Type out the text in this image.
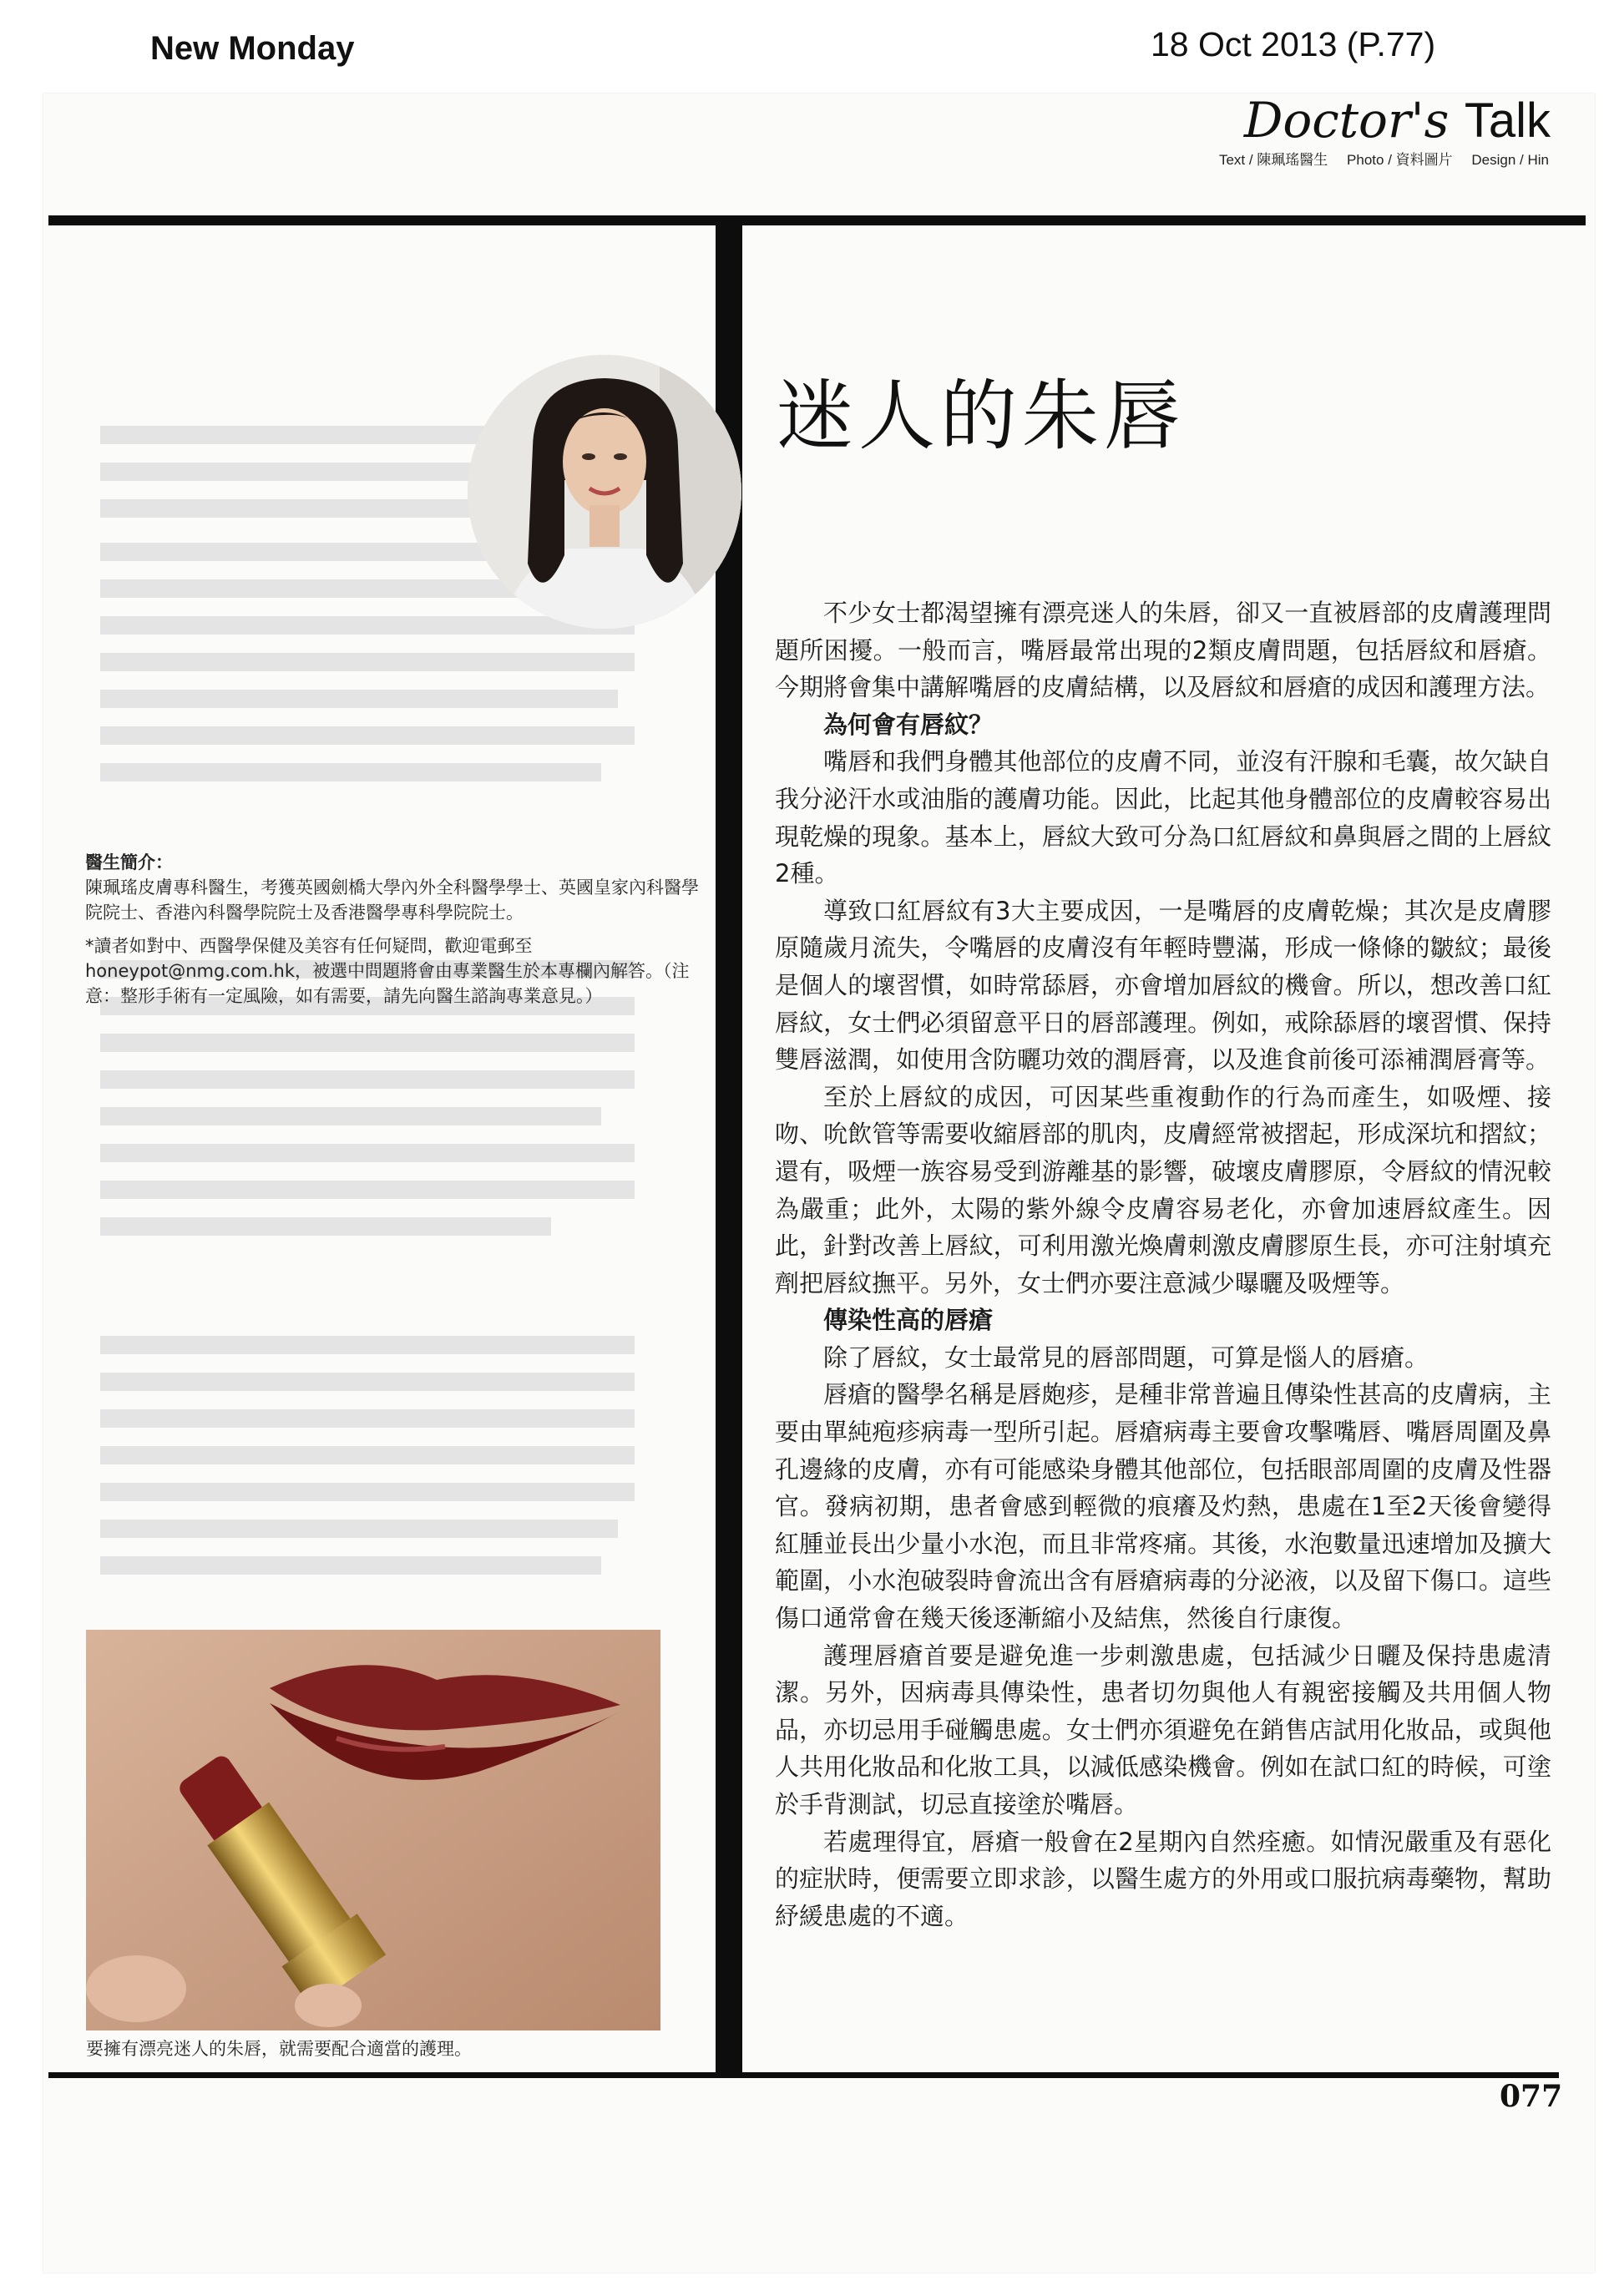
New Monday	18 Oct 2013 (P.77)

Doctor's Talk
Text / 陳珮瑤醫生 Photo / 資料圖片 Design / Hin
迷人的朱唇

不少女士都渴望擁有漂亮迷人的朱唇，卻又一直被唇部的皮膚護理問題所困擾。一般而言，嘴唇最常出現的2類皮膚問題，包括唇紋和唇瘡。今期將會集中講解嘴唇的皮膚結構，以及唇紋和唇瘡的成因和護理方法。

為何會有唇紋？

嘴唇和我們身體其他部位的皮膚不同，並沒有汗腺和毛囊，故欠缺自我分泌汗水或油脂的護膚功能。因此，比起其他身體部位的皮膚較容易出現乾燥的現象。基本上，唇紋大致可分為口紅唇紋和鼻與唇之間的上唇紋2種。

導致口紅唇紋有3大主要成因，一是嘴唇的皮膚乾燥；其次是皮膚膠原隨歲月流失，令嘴唇的皮膚沒有年輕時豐滿，形成一條條的皺紋；最後是個人的壞習慣，如時常舔唇，亦會增加唇紋的機會。所以，想改善口紅唇紋，女士們必須留意平日的唇部護理。例如，戒除舔唇的壞習慣、保持雙唇滋潤，如使用含防曬功效的潤唇膏，以及進食前後可添補潤唇膏等。

至於上唇紋的成因，可因某些重複動作的行為而產生，如吸煙、接吻、吮飲管等需要收縮唇部的肌肉，皮膚經常被摺起，形成深坑和摺紋；還有，吸煙一族容易受到游離基的影響，破壞皮膚膠原，令唇紋的情況較為嚴重；此外，太陽的紫外線令皮膚容易老化，亦會加速唇紋產生。因此，針對改善上唇紋，可利用激光煥膚刺激皮膚膠原生長，亦可注射填充劑把唇紋撫平。另外，女士們亦要注意減少曝曬及吸煙等。

傳染性高的唇瘡

除了唇紋，女士最常見的唇部問題，可算是惱人的唇瘡。

唇瘡的醫學名稱是唇皰疹，是種非常普遍且傳染性甚高的皮膚病，主要由單純疱疹病毒一型所引起。唇瘡病毒主要會攻擊嘴唇、嘴唇周圍及鼻孔邊緣的皮膚，亦有可能感染身體其他部位，包括眼部周圍的皮膚及性器官。發病初期，患者會感到輕微的痕癢及灼熱，患處在1至2天後會變得紅腫並長出少量小水泡，而且非常疼痛。其後，水泡數量迅速增加及擴大範圍，小水泡破裂時會流出含有唇瘡病毒的分泌液，以及留下傷口。這些傷口通常會在幾天後逐漸縮小及結焦，然後自行康復。

護理唇瘡首要是避免進一步刺激患處，包括減少日曬及保持患處清潔。另外，因病毒具傳染性，患者切勿與他人有親密接觸及共用個人物品，亦切忌用手碰觸患處。女士們亦須避免在銷售店試用化妝品，或與他人共用化妝品和化妝工具，以減低感染機會。例如在試口紅的時候，可塗於手背測試，切忌直接塗於嘴唇。

若處理得宜，唇瘡一般會在2星期內自然痊癒。如情況嚴重及有惡化的症狀時，便需要立即求診，以醫生處方的外用或口服抗病毒藥物，幫助紓緩患處的不適。

醫生簡介：

陳珮瑤皮膚專科醫生，考獲英國劍橋大學內外全科醫學學士、英國皇家內科醫學院院士、香港內科醫學院院士及香港醫學專科學院院士。

*讀者如對中、西醫學保健及美容有任何疑問，歡迎電郵至honeypot@nmg.com.hk，被選中問題將會由專業醫生於本專欄內解答。（注意：整形手術有一定風險，如有需要，請先向醫生諮詢專業意見。）

要擁有漂亮迷人的朱唇，就需要配合適當的護理。
077
